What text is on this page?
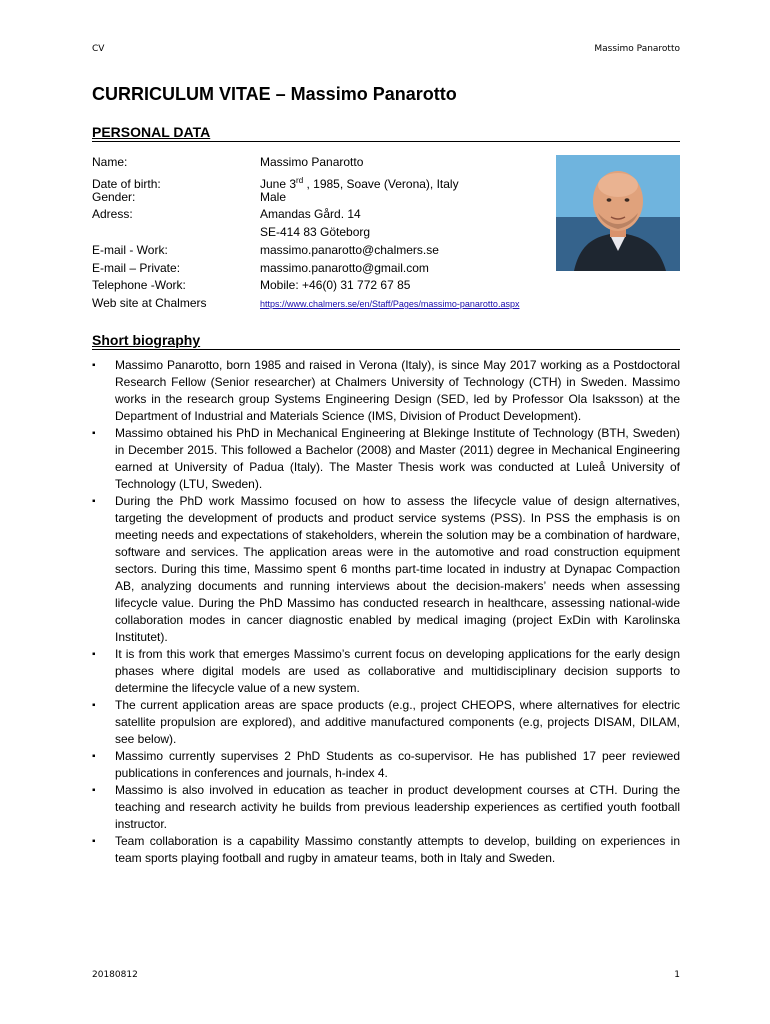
CV	Massimo Panarotto
CURRICULUM VITAE – Massimo Panarotto
PERSONAL DATA
Name:	Massimo Panarotto
Date of birth:	June 3rd , 1985, Soave (Verona), Italy
Gender:	Male
Adress:	Amandas Gård. 14
SE-414 83 Göteborg
E-mail - Work:	massimo.panarotto@chalmers.se
E-mail – Private:	massimo.panarotto@gmail.com
Telephone -Work:	Mobile: +46(0) 31 772 67 85
Web site at Chalmers	https://www.chalmers.se/en/Staff/Pages/massimo-panarotto.aspx
Short biography
▪ Massimo Panarotto, born 1985 and raised in Verona (Italy), is since May 2017 working as a Postdoctoral Research Fellow (Senior researcher) at Chalmers University of Technology (CTH) in Sweden. Massimo works in the research group Systems Engineering Design (SED, led by Professor Ola Isaksson) at the Department of Industrial and Materials Science (IMS, Division of Product Development).
▪ Massimo obtained his PhD in Mechanical Engineering at Blekinge Institute of Technology (BTH, Sweden) in December 2015. This followed a Bachelor (2008) and Master (2011) degree in Mechanical Engineering earned at University of Padua (Italy). The Master Thesis work was conducted at Luleå University of Technology (LTU, Sweden).
▪ During the PhD work Massimo focused on how to assess the lifecycle value of design alternatives, targeting the development of products and product service systems (PSS). In PSS the emphasis is on meeting needs and expectations of stakeholders, wherein the solution may be a combination of hardware, software and services. The application areas were in the automotive and road construction equipment sectors. During this time, Massimo spent 6 months part-time located in industry at Dynapac Compaction AB, analyzing documents and running interviews about the decision-makers’ needs when assessing lifecycle value. During the PhD Massimo has conducted research in healthcare, assessing national-wide collaboration modes in cancer diagnostic enabled by medical imaging (project ExDin with Karolinska Institutet).
▪ It is from this work that emerges Massimo’s current focus on developing applications for the early design phases where digital models are used as collaborative and multidisciplinary decision supports to determine the lifecycle value of a new system.
▪ The current application areas are space products (e.g., project CHEOPS, where alternatives for electric satellite propulsion are explored), and additive manufactured components (e.g, projects DISAM, DILAM, see below).
▪ Massimo currently supervises 2 PhD Students as co-supervisor. He has published 17 peer reviewed publications in conferences and journals, h-index 4.
▪ Massimo is also involved in education as teacher in product development courses at CTH. During the teaching and research activity he builds from previous leadership experiences as certified youth football instructor.
▪ Team collaboration is a capability Massimo constantly attempts to develop, building on experiences in team sports playing football and rugby in amateur teams, both in Italy and Sweden.
20180812	1
